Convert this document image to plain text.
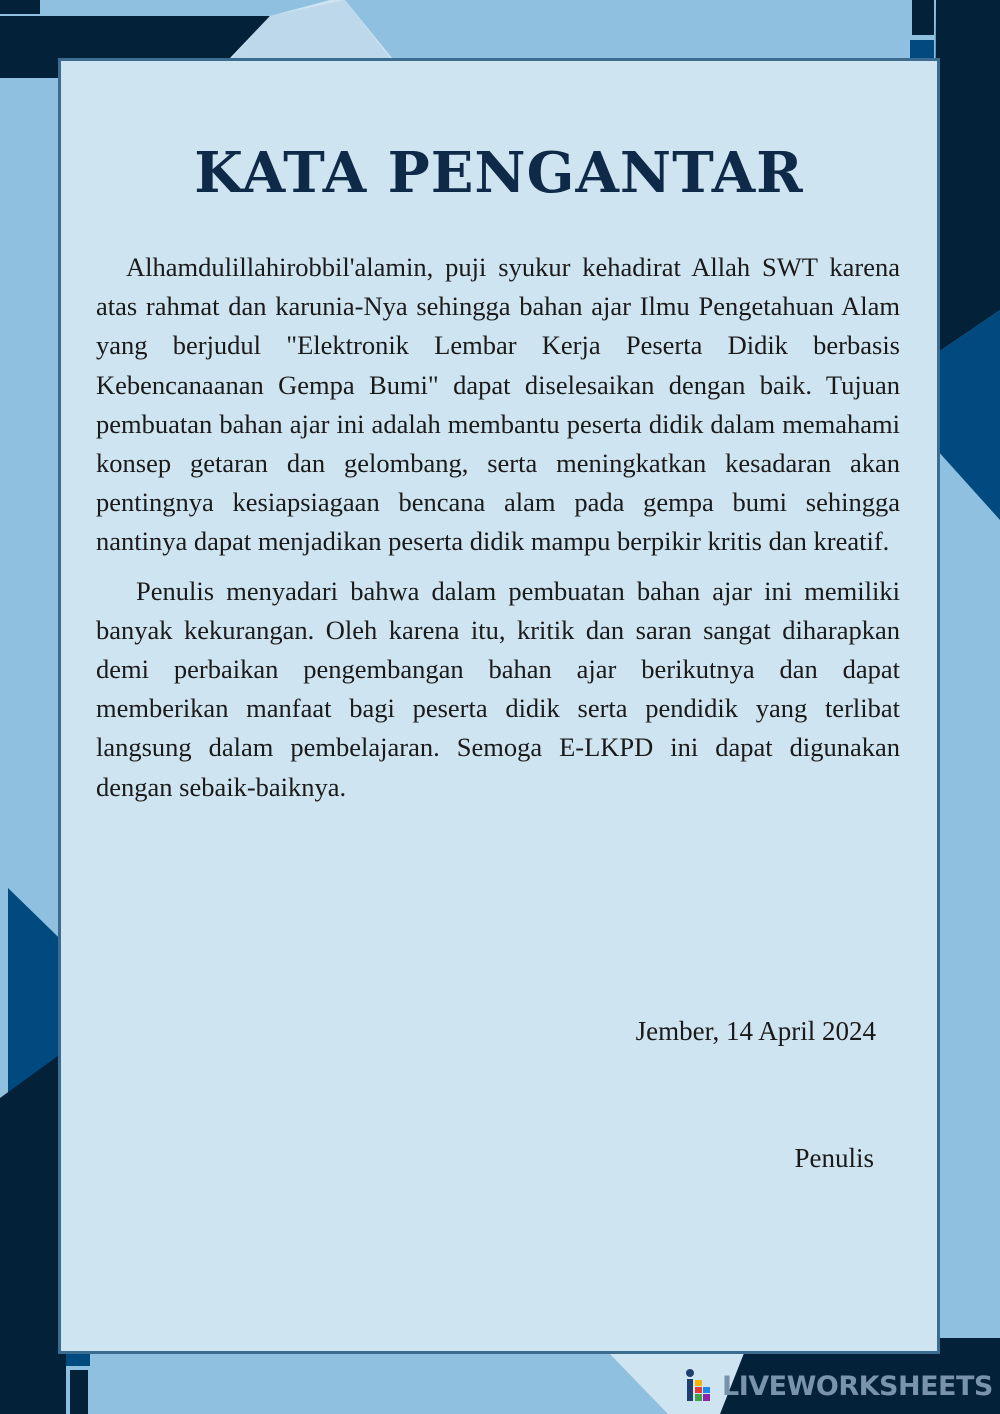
KATA PENGANTAR

Alhamdulillahirobbil'alamin, puji syukur kehadirat Allah SWT karena atas rahmat dan karunia-Nya sehingga bahan ajar Ilmu Pengetahuan Alam yang berjudul "Elektronik Lembar Kerja Peserta Didik berbasis Kebencanaanan Gempa Bumi" dapat diselesaikan dengan baik. Tujuan pembuatan bahan ajar ini adalah membantu peserta didik dalam memahami konsep getaran dan gelombang, serta meningkatkan kesadaran akan pentingnya kesiapsiagaan bencana alam pada gempa bumi sehingga nantinya dapat menjadikan peserta didik mampu berpikir kritis dan kreatif.

Penulis menyadari bahwa dalam pembuatan bahan ajar ini memiliki banyak kekurangan. Oleh karena itu, kritik dan saran sangat diharapkan demi perbaikan pengembangan bahan ajar berikutnya dan dapat memberikan manfaat bagi peserta didik serta pendidik yang terlibat langsung dalam pembelajaran. Semoga E-LKPD ini dapat digunakan dengan sebaik-baiknya.

Jember, 14 April 2024
Penulis
LIVEWORKSHEETS
